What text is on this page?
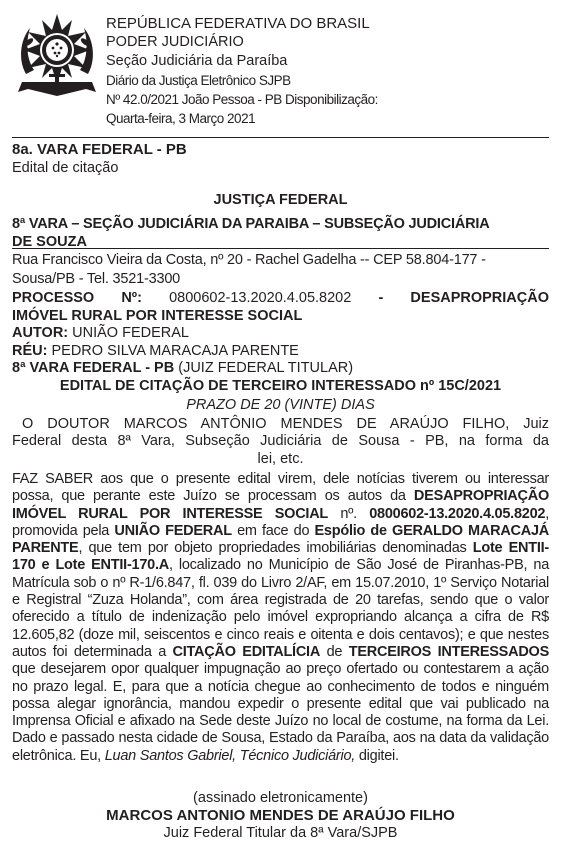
REPÚBLICA FEDERATIVA DO BRASIL
PODER JUDICIÁRIO
Seção Judiciária da Paraíba
Diário da Justiça Eletrônico SJPB
Nº 42.0/2021 João Pessoa - PB Disponibilização:
Quarta-feira, 3 Março 2021
8a. VARA FEDERAL - PB
Edital de citação
JUSTIÇA FEDERAL
8ª VARA – SEÇÃO JUDICIÁRIA DA PARAIBA – SUBSEÇÃO JUDICIÁRIA
DE SOUZA
Rua Francisco Vieira da Costa, nº 20 - Rachel Gadelha -- CEP 58.804-177 -
Sousa/PB - Tel. 3521-3300
PROCESSO Nº: 0800602-13.2020.4.05.8202 - DESAPROPRIAÇÃO
IMÓVEL RURAL POR INTERESSE SOCIAL
AUTOR: UNIÃO FEDERAL
RÉU: PEDRO SILVA MARACAJA PARENTE
8ª VARA FEDERAL - PB (JUIZ FEDERAL TITULAR)
EDITAL DE CITAÇÃO DE TERCEIRO INTERESSADO nº 15C/2021
PRAZO DE 20 (VINTE) DIAS
O DOUTOR MARCOS ANTÔNIO MENDES DE ARAÚJO FILHO, Juiz
Federal desta 8ª Vara, Subseção Judiciária de Sousa - PB, na forma da
lei, etc.

FAZ SABER aos que o presente edital virem, dele notícias tiverem ou interessar possa, que perante este Juízo se processam os autos da DESAPROPRIAÇÃO IMÓVEL RURAL POR INTERESSE SOCIAL nº. 0800602-13.2020.4.05.8202, promovida pela UNIÃO FEDERAL em face do Espólio de GERALDO MARACAJÁ PARENTE, que tem por objeto propriedades imobiliárias denominadas Lote ENTII-170 e Lote ENTII-170.A, localizado no Município de São José de Piranhas-PB, na Matrícula sob o nº R-1/6.847, fl. 039 do Livro 2/AF, em 15.07.2010, 1º Serviço Notarial e Registral “Zuza Holanda”, com área registrada de 20 tarefas, sendo que o valor oferecido a título de indenização pelo imóvel expropriando alcança a cifra de R$ 12.605,82 (doze mil, seiscentos e cinco reais e oitenta e dois centavos); e que nestes autos foi determinada a CITAÇÃO EDITALÍCIA de TERCEIROS INTERESSADOS que desejarem opor qualquer impugnação ao preço ofertado ou contestarem a ação no prazo legal. E, para que a notícia chegue ao conhecimento de todos e ninguém possa alegar ignorância, mandou expedir o presente edital que vai publicado na Imprensa Oficial e afixado na Sede deste Juízo no local de costume, na forma da Lei. Dado e passado nesta cidade de Sousa, Estado da Paraíba, aos na data da validação eletrônica. Eu, Luan Santos Gabriel, Técnico Judiciário, digitei.

(assinado eletronicamente)
MARCOS ANTONIO MENDES DE ARAÚJO FILHO
Juiz Federal Titular da 8ª Vara/SJPB
